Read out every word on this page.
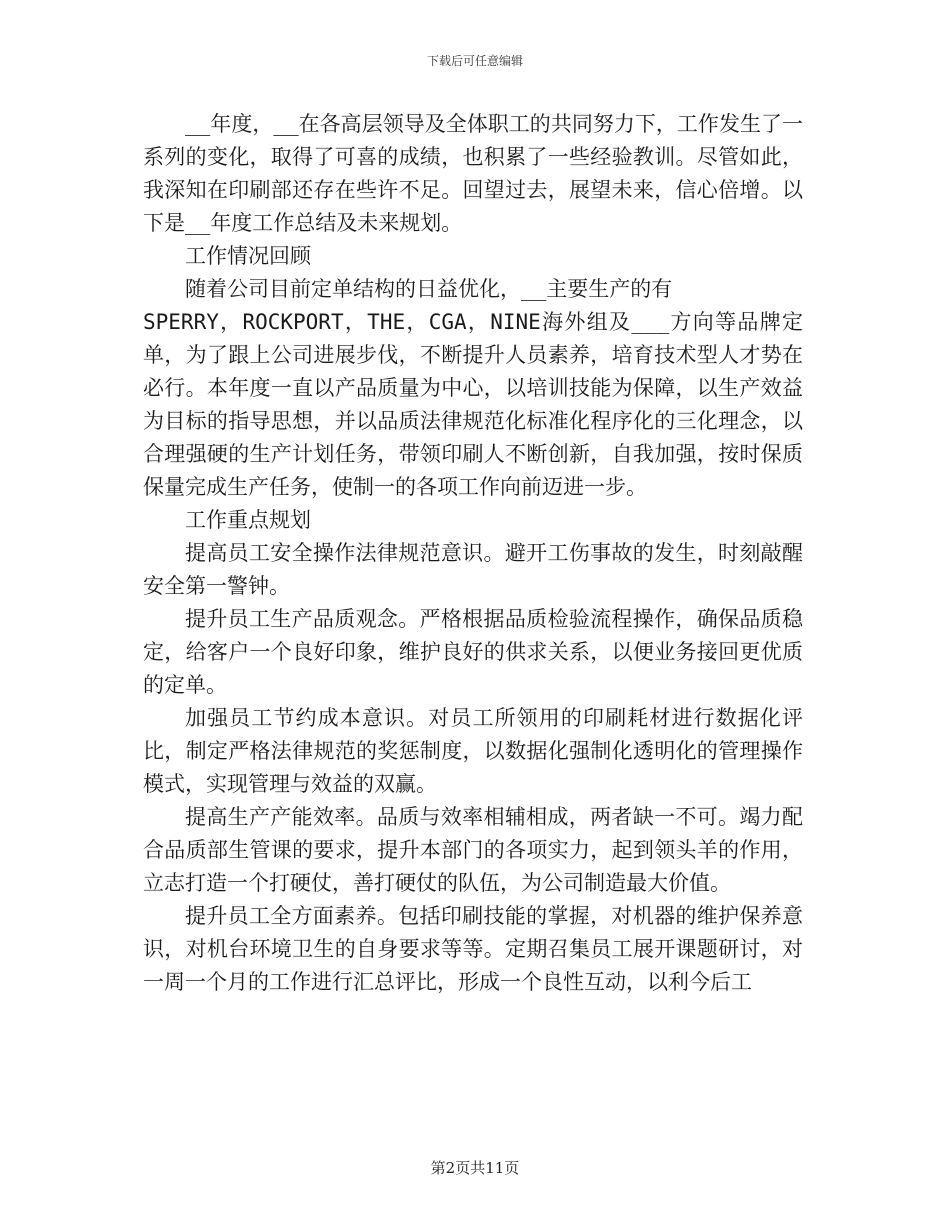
下载后可任意编辑

__年度，__在各高层领导及全体职工的共同努力下，工作发生了一系列的变化，取得了可喜的成绩，也积累了一些经验教训。尽管如此，我深知在印刷部还存在些许不足。回望过去，展望未来，信心倍增。以下是__年度工作总结及未来规划。

工作情况回顾

随着公司目前定单结构的日益优化，__主要生产的有

SPERRY，ROCKPORT，THE，CGA，NINE海外组及___方向等品牌定单，为了跟上公司进展步伐，不断提升人员素养，培育技术型人才势在必行。本年度一直以产品质量为中心，以培训技能为保障，以生产效益为目标的指导思想，并以品质法律规范化标准化程序化的三化理念，以合理强硬的生产计划任务，带领印刷人不断创新，自我加强，按时保质保量完成生产任务，使制一的各项工作向前迈进一步。

工作重点规划

提高员工安全操作法律规范意识。避开工伤事故的发生，时刻敲醒安全第一警钟。

提升员工生产品质观念。严格根据品质检验流程操作，确保品质稳定，给客户一个良好印象，维护良好的供求关系，以便业务接回更优质的定单。

加强员工节约成本意识。对员工所领用的印刷耗材进行数据化评比，制定严格法律规范的奖惩制度，以数据化强制化透明化的管理操作模式，实现管理与效益的双赢。

提高生产产能效率。品质与效率相辅相成，两者缺一不可。竭力配合品质部生管课的要求，提升本部门的各项实力，起到领头羊的作用，立志打造一个打硬仗，善打硬仗的队伍，为公司制造最大价值。

提升员工全方面素养。包括印刷技能的掌握，对机器的维护保养意识，对机台环境卫生的自身要求等等。定期召集员工展开课题研讨，对一周一个月的工作进行汇总评比，形成一个良性互动，以利今后工

第2页共11页
